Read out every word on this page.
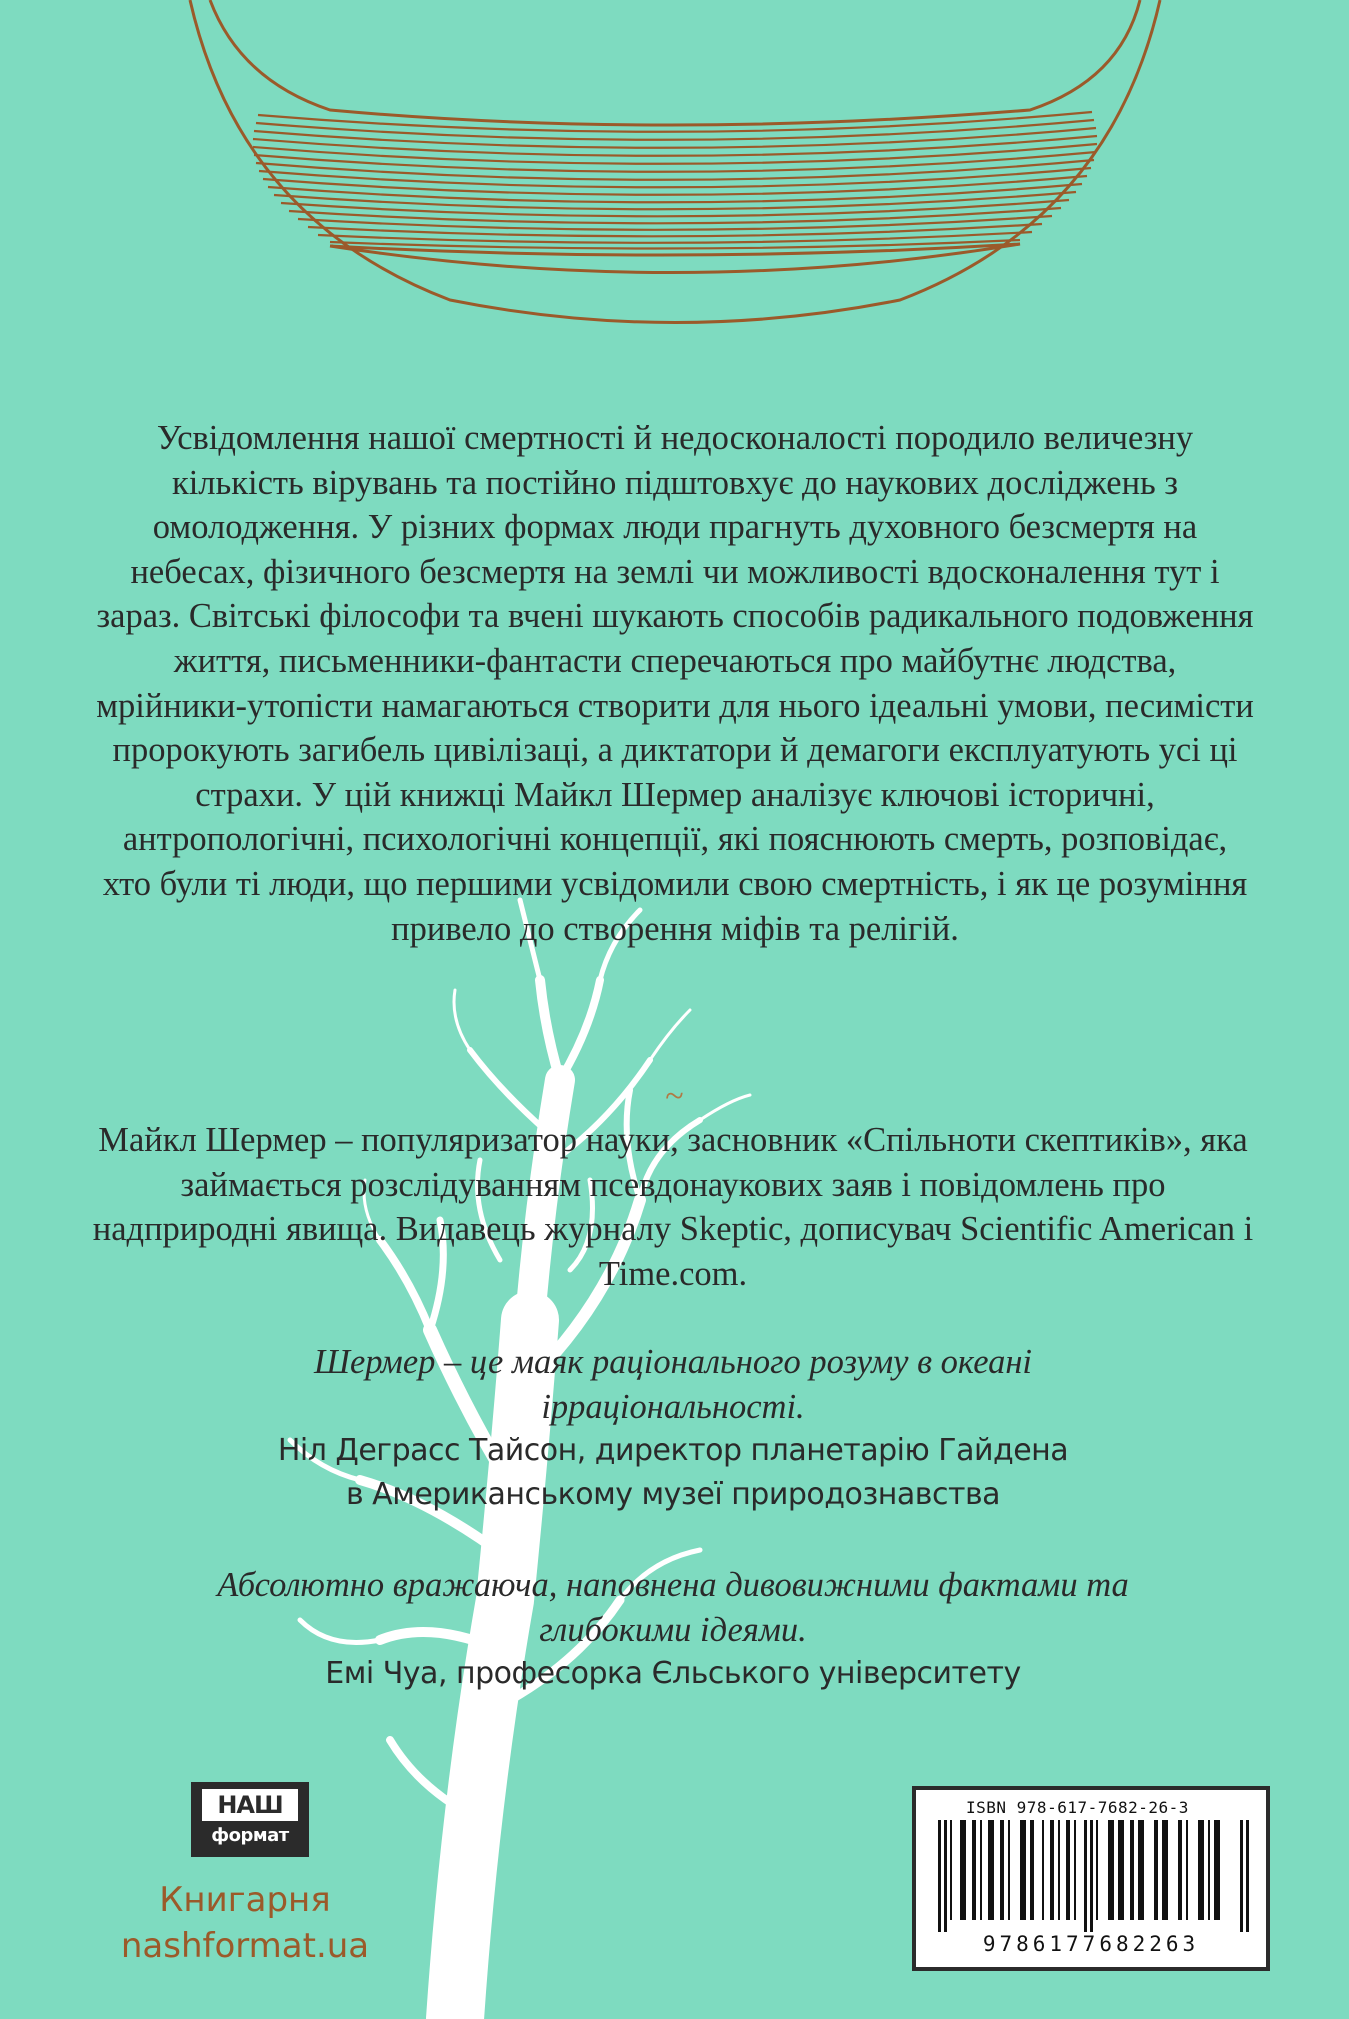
Усвідомлення нашої смертності й недосконалості породило величезну кількість вірувань та постійно підштовхує до наукових досліджень з омолодження. У різних формах люди прагнуть духовного безсмертя на небесах, фізичного безсмертя на землі чи можливості вдосконалення тут і зараз. Світські філософи та вчені шукають способів радикального подовження життя, письменники-фантасти сперечаються про майбутнє людства, мрійники-утопісти намагаються створити для нього ідеальні умови, песимісти пророкують загибель цивілізаці, а диктатори й демагоги експлуатують усі ці страхи. У цій книжці Майкл Шермер аналізує ключові історичні, антропологічні, психологічні концепції, які пояснюють смерть, розповідає, хто були ті люди, що першими усвідомили свою смертність, і як це розуміння привело до створення міфів та релігій.

~

Майкл Шермер – популяризатор науки, засновник «Спільноти скептиків», яка займається розслідуванням псевдонаукових заяв і повідомлень про надприродні явища. Видавець журналу Skeptic, дописувач Scientific American і Time.com.

Шермер – це маяк раціонального розуму в океані

ірраціональності.

Ніл Деграсс Тайсон, директор планетарію Гайдена

в Американському музеї природознавства

Абсолютно вражаюча, наповнена дивовижними фактами та

глибокими ідеями.

Емі Чуа, професорка Єльського університету

НАШ
формат

Книгарня

nashformat.ua

ISBN 978-617-7682-26-3
9786177682263
